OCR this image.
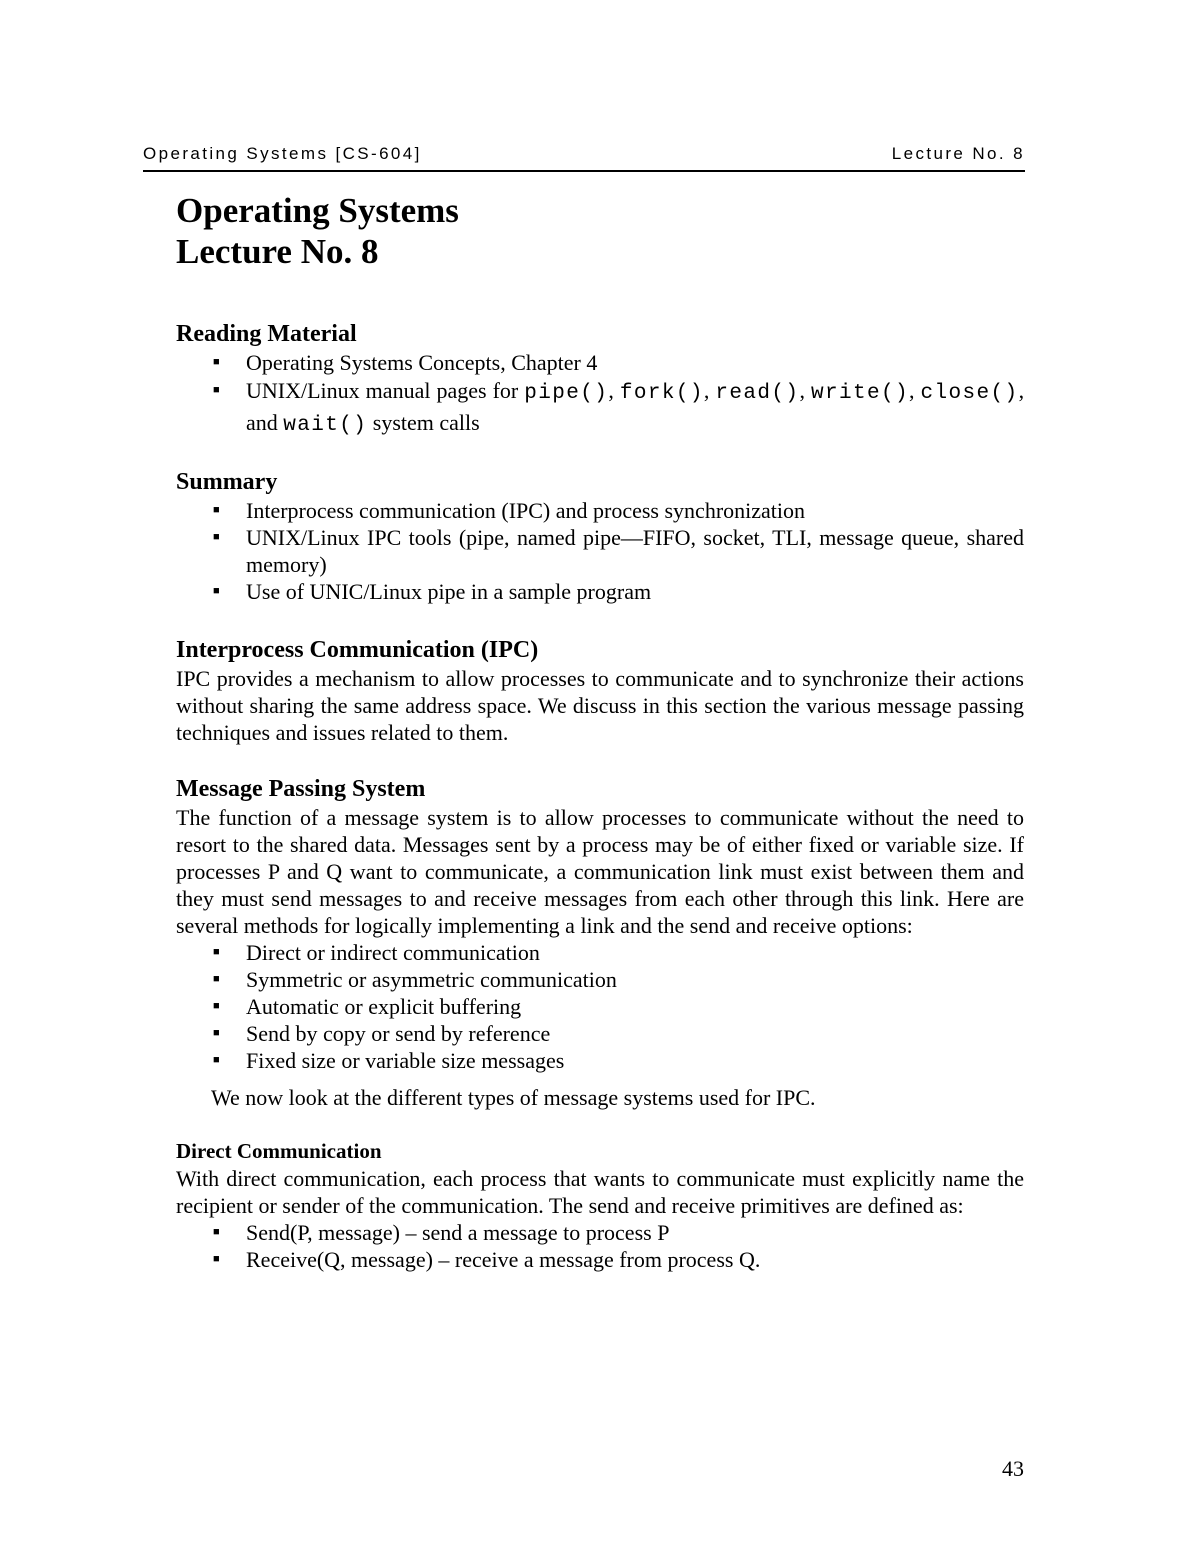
Operating Systems [CS-604]	Lecture No. 8
Operating Systems
Lecture No. 8
Reading Material
■ Operating Systems Concepts, Chapter 4
■ UNIX/Linux manual pages for pipe(), fork(), read(), write(), close(), and wait() system calls
Summary
■ Interprocess communication (IPC) and process synchronization
■ UNIX/Linux IPC tools (pipe, named pipe—FIFO, socket, TLI, message queue, shared memory)
■ Use of UNIC/Linux pipe in a sample program
Interprocess Communication (IPC)

IPC provides a mechanism to allow processes to communicate and to synchronize their actions without sharing the same address space. We discuss in this section the various message passing techniques and issues related to them.

Message Passing System

The function of a message system is to allow processes to communicate without the need to resort to the shared data. Messages sent by a process may be of either fixed or variable size. If processes P and Q want to communicate, a communication link must exist between them and they must send messages to and receive messages from each other through this link. Here are several methods for logically implementing a link and the send and receive options:

■ Direct or indirect communication
■ Symmetric or asymmetric communication
■ Automatic or explicit buffering
■ Send by copy or send by reference
■ Fixed size or variable size messages

We now look at the different types of message systems used for IPC.

Direct Communication

With direct communication, each process that wants to communicate must explicitly name the recipient or sender of the communication. The send and receive primitives are defined as:

■ Send(P, message) – send a message to process P
■ Receive(Q, message) – receive a message from process Q.
43
